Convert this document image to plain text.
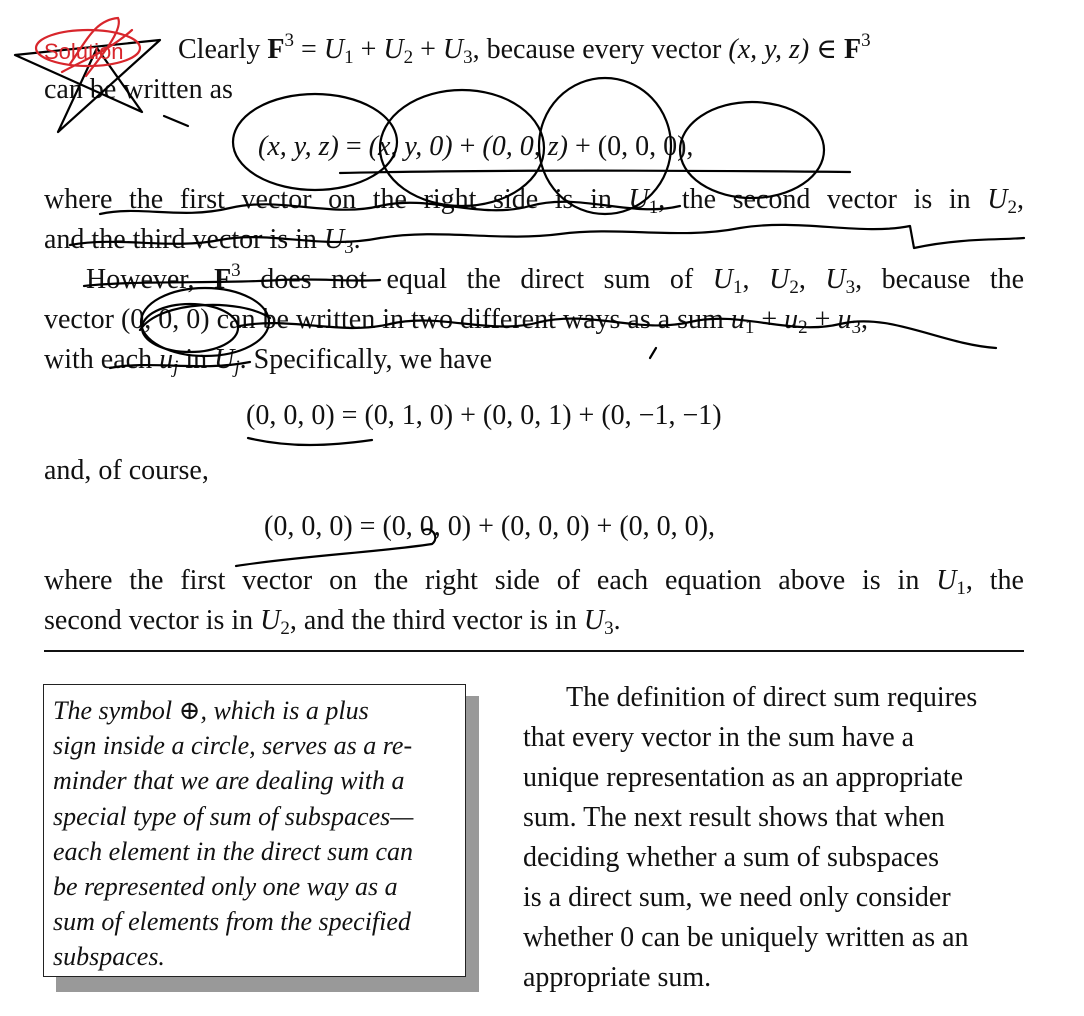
Clearly $F^3 = U_1 + U_2 + U_3$, because every vector (x, y, z) ∈ $F^3$
can be written as
(x, y, z) = (x, y, 0) + (0, 0, z) + (0, 0, 0),
where the first vector on the right side is in $U_1$, the second vector is in $U_2$,
and the third vector is in $U_3$.
However, $F^3$ does not equal the direct sum of $U_1$, $U_2$, $U_3$, because the
vector (0, 0, 0) can be written in two different ways as a sum $u_1 + u_2 + u_3$,
with each $u_j$ in $U_j$. Specifically, we have
(0, 0, 0) = (0, 1, 0) + (0, 0, 1) + (0, −1, −1)
and, of course,
(0, 0, 0) = (0, 0, 0) + (0, 0, 0) + (0, 0, 0),
where the first vector on the right side of each equation above is in $U_1$, the
second vector is in $U_2$, and the third vector is in $U_3$.
The symbol ⊕, which is a plus
sign inside a circle, serves as a re-
minder that we are dealing with a
special type of sum of subspaces—
each element in the direct sum can
be represented only one way as a
sum of elements from the specified
subspaces.
The definition of direct sum requires
that every vector in the sum have a
unique representation as an appropriate
sum. The next result shows that when
deciding whether a sum of subspaces
is a direct sum, we need only consider
whether 0 can be uniquely written as an
appropriate sum.
Solution
